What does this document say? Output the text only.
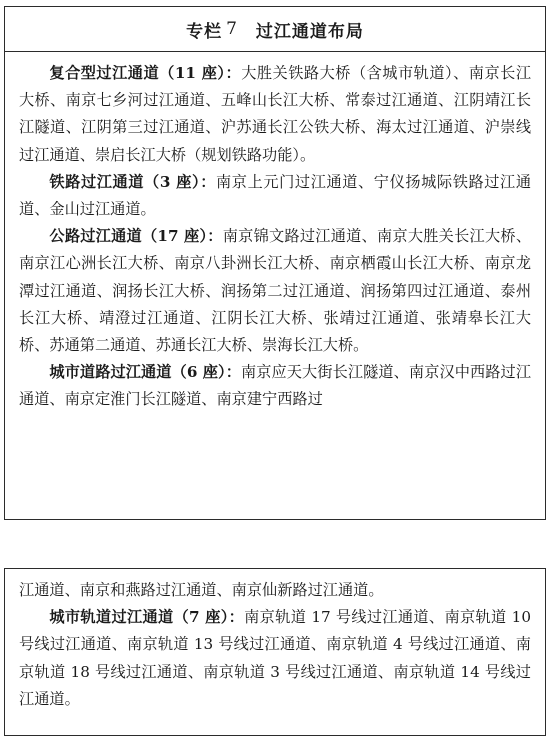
专栏 7 过江通道布局

复合型过江通道（11 座）：大胜关铁路大桥（含城市轨道）、南京长江大桥、南京七乡河过江通道、五峰山长江大桥、常泰过江通道、江阴靖江长江隧道、江阴第三过江通道、沪苏通长江公铁大桥、海太过江通道、沪崇线过江通道、崇启长江大桥（规划铁路功能）。

铁路过江通道（3 座）：南京上元门过江通道、宁仪扬城际铁路过江通道、金山过江通道。

公路过江通道（17 座）：南京锦文路过江通道、南京大胜关长江大桥、南京江心洲长江大桥、南京八卦洲长江大桥、南京栖霞山长江大桥、南京龙潭过江通道、润扬长江大桥、润扬第二过江通道、润扬第四过江通道、泰州长江大桥、靖澄过江通道、江阴长江大桥、张靖过江通道、张靖皋长江大桥、苏通第二通道、苏通长江大桥、崇海长江大桥。

城市道路过江通道（6 座）：南京应天大街长江隧道、南京汉中西路过江通道、南京定淮门长江隧道、南京建宁西路过

江通道、南京和燕路过江通道、南京仙新路过江通道。

城市轨道过江通道（7 座）：南京轨道 17 号线过江通道、南京轨道 10 号线过江通道、南京轨道 13 号线过江通道、南京轨道 4 号线过江通道、南京轨道 18 号线过江通道、南京轨道 3 号线过江通道、南京轨道 14 号线过江通道。
